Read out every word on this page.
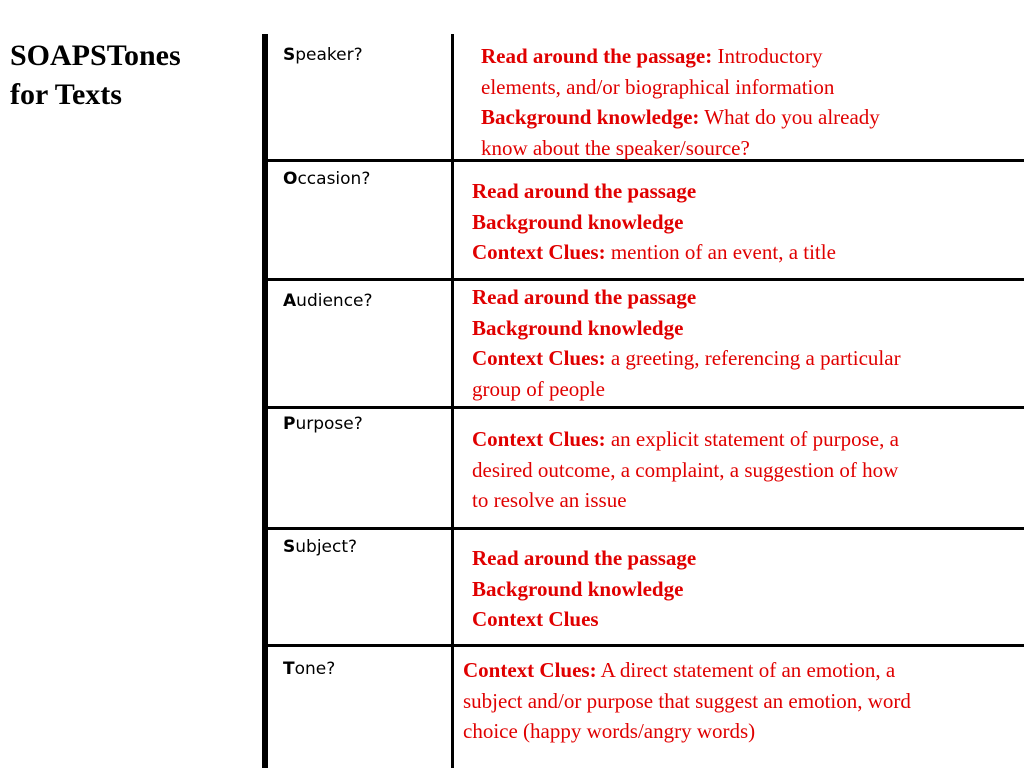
SOAPSTones
for Texts
Speaker?
Occasion?
Audience?
Purpose?
Subject?
Tone?
Read around the passage: Introductory
elements, and/or biographical information
Background knowledge: What do you already
know about the speaker/source?
Read around the passage
Background knowledge
Context Clues: mention of an event, a title
Read around the passage
Background knowledge
Context Clues: a greeting, referencing a particular
group of people
Context Clues: an explicit statement of purpose, a
desired outcome, a complaint, a suggestion of how
to resolve an issue
Read around the passage
Background knowledge
Context Clues
Context Clues: A direct statement of an emotion, a
subject and/or purpose that suggest an emotion, word
choice (happy words/angry words)
